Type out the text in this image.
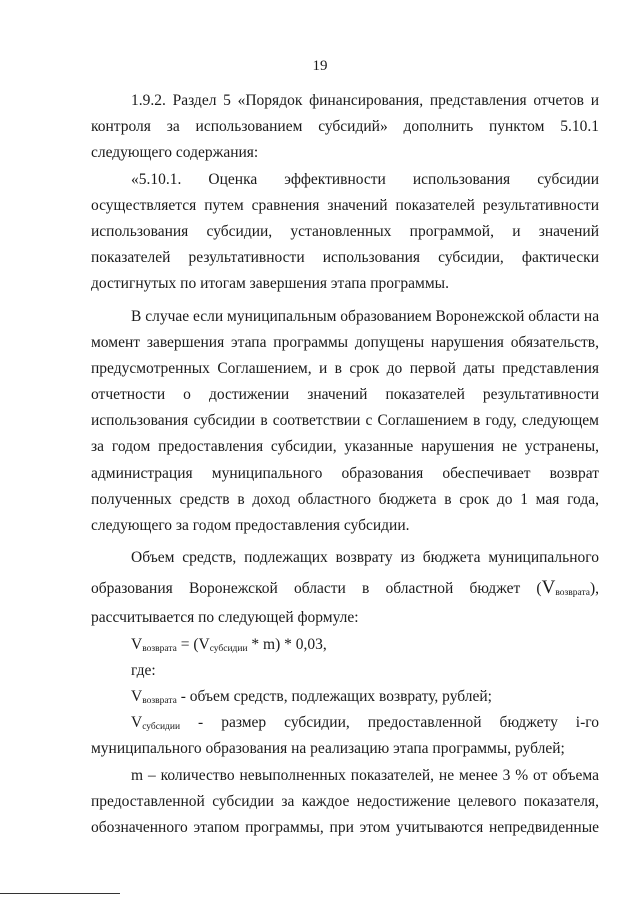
19
1.9.2. Раздел 5 «Порядок финансирования, представления отчетов и
контроля за использованием субсидий» дополнить пунктом 5.10.1
следующего содержания:
«5.10.1. Оценка эффективности использования субсидии
осуществляется путем сравнения значений показателей результативности
использования субсидии, установленных программой, и значений
показателей результативности использования субсидии, фактически
достигнутых по итогам завершения этапа программы.
В случае если муниципальным образованием Воронежской области на
момент завершения этапа программы допущены нарушения обязательств,
предусмотренных Соглашением, и в срок до первой даты представления
отчетности о достижении значений показателей результативности
использования субсидии в соответствии с Соглашением в году, следующем
за годом предоставления субсидии, указанные нарушения не устранены,
администрация муниципального образования обеспечивает возврат
полученных средств в доход областного бюджета в срок до 1 мая года,
следующего за годом предоставления субсидии.
Объем средств, подлежащих возврату из бюджета муниципального
образования Воронежской области в областной бюджет $(V_{возврата})$,
рассчитывается по следующей формуле:
$V_{возврата} = (V_{субсидии} * m) * 0,03$,
где:
$V_{возврата}$ - объем средств, подлежащих возврату, рублей;
$V_{субсидии}$ - размер субсидии, предоставленной бюджету i-го
муниципального образования на реализацию этапа программы, рублей;
m – количество невыполненных показателей, не менее 3 % от объема
предоставленной субсидии за каждое недостижение целевого показателя,
обозначенного этапом программы, при этом учитываются непредвиденные
